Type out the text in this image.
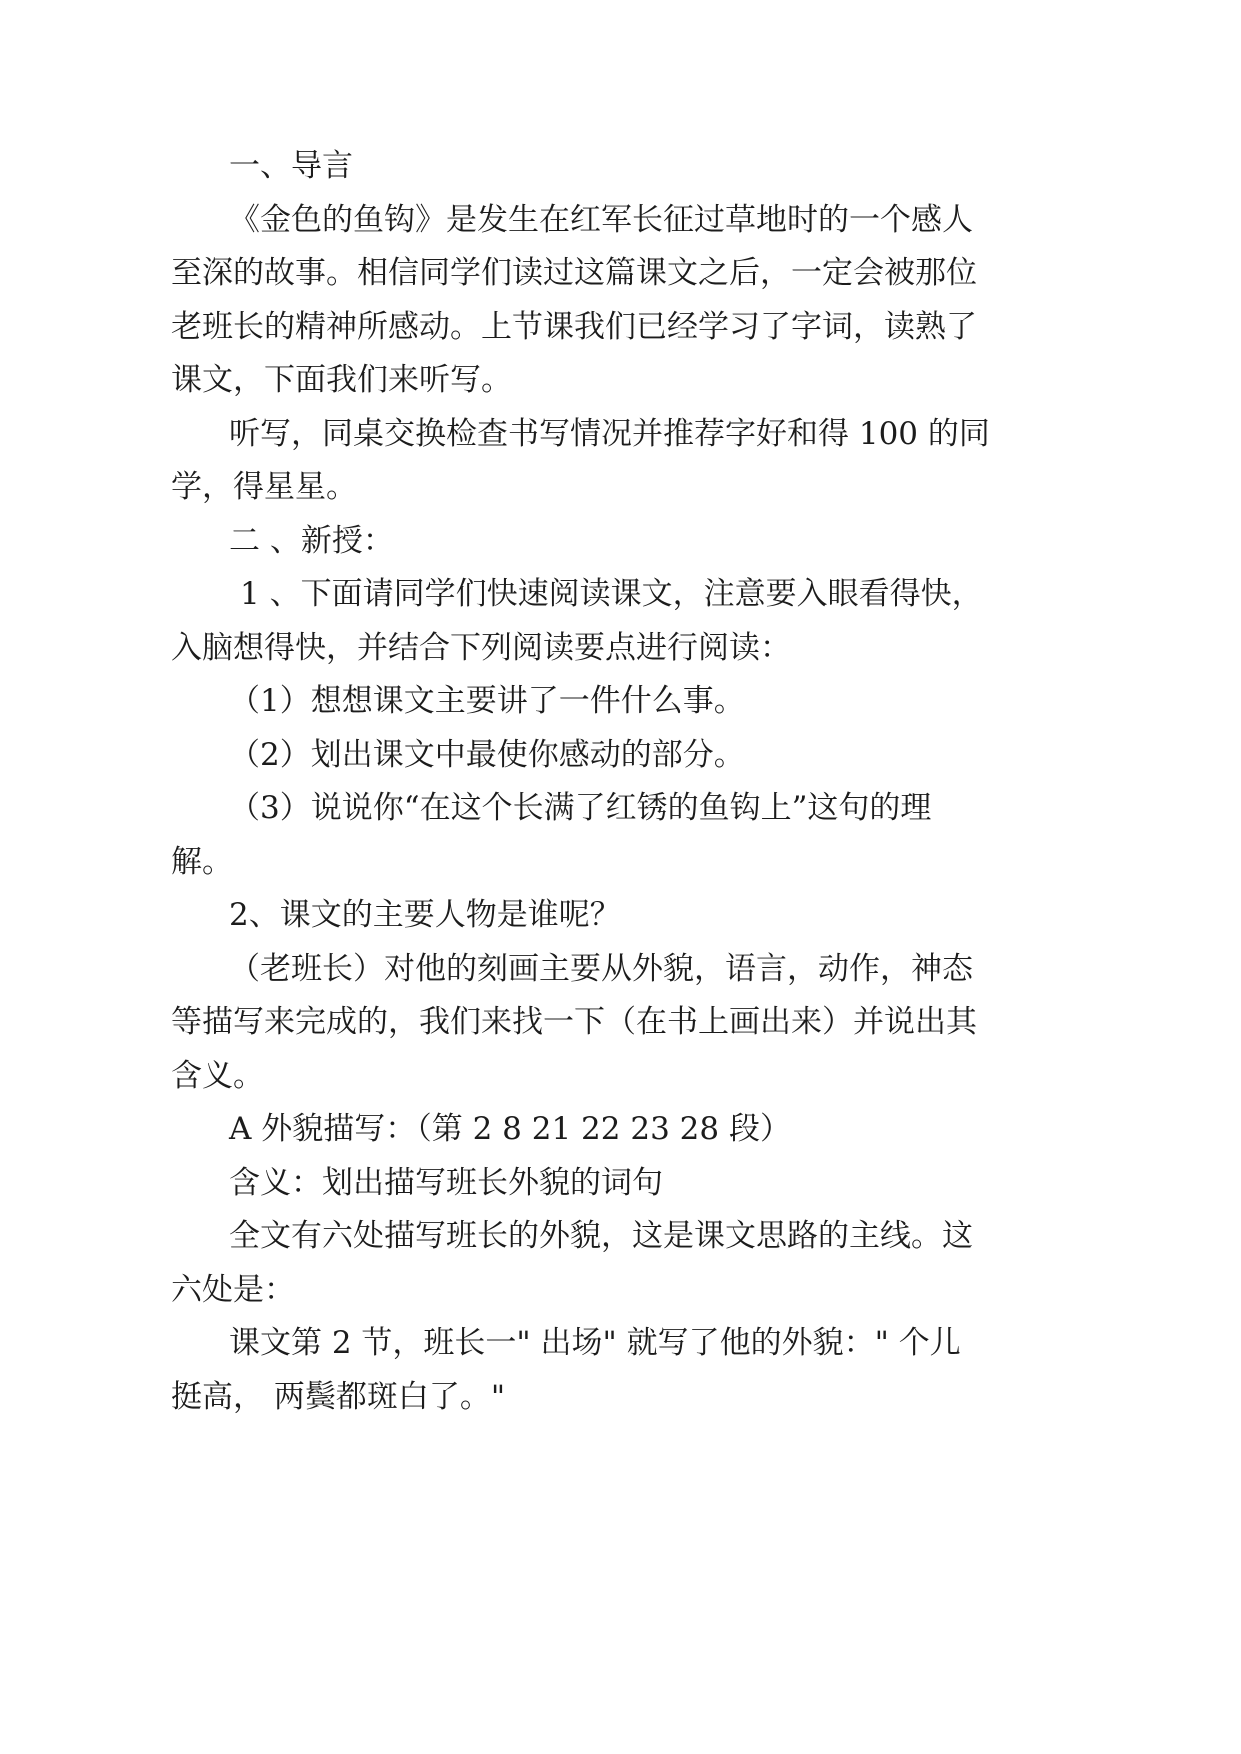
一、导言
《金色的鱼钩》是发生在红军长征过草地时的一个感人
至深的故事。相信同学们读过这篇课文之后，一定会被那位
老班长的精神所感动。上节课我们已经学习了字词，读熟了
课文，下面我们来听写。
听写，同桌交换检查书写情况并推荐字好和得 100 的同
学，得星星。
二 、新授：
1 、下面请同学们快速阅读课文，注意要入眼看得快，
入脑想得快，并结合下列阅读要点进行阅读：
（1）想想课文主要讲了一件什么事。
（2）划出课文中最使你感动的部分。
（3）说说你“在这个长满了红锈的鱼钩上”这句的理
解。
2、课文的主要人物是谁呢？
（老班长）对他的刻画主要从外貌，语言，动作，神态
等描写来完成的，我们来找一下（在书上画出来）并说出其
含义。
A 外貌描写：（第 2 8 21 22 23 28 段）
含义：划出描写班长外貌的词句
全文有六处描写班长的外貌，这是课文思路的主线。这
六处是：
课文第 2 节，班长一" 出场" 就写了他的外貌：" 个儿
挺高， 两鬓都斑白了。"
